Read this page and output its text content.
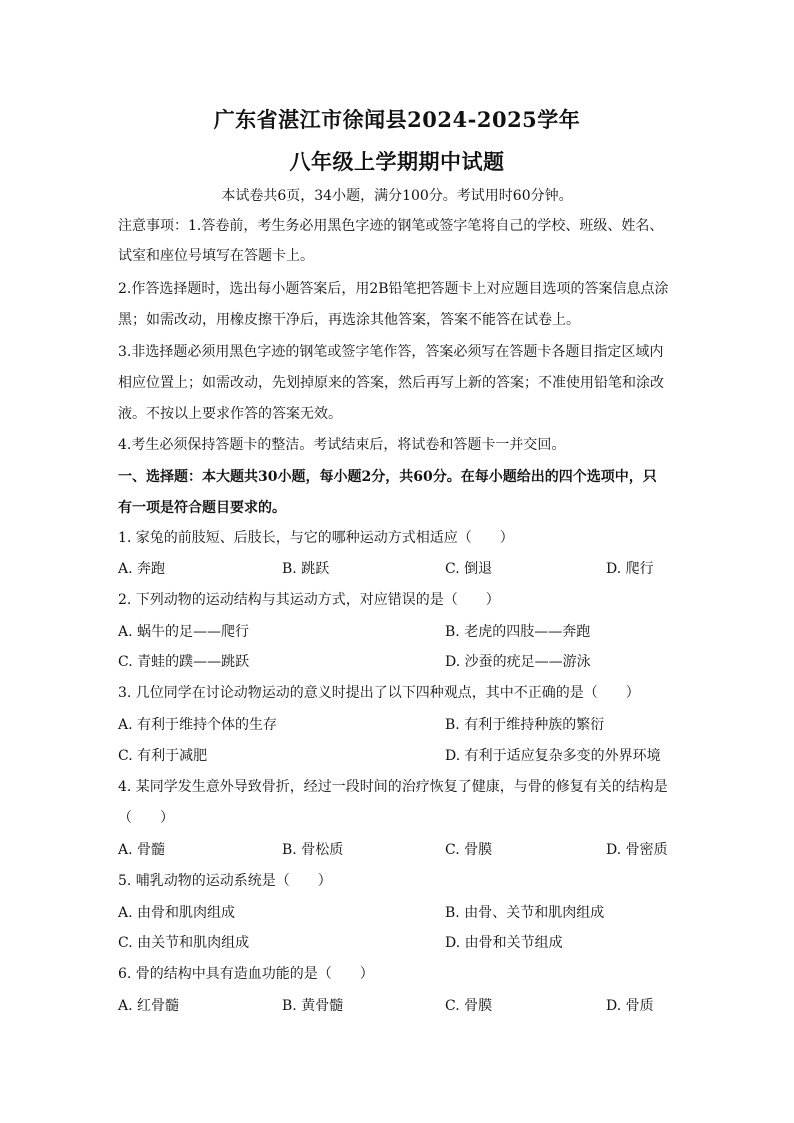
广东省湛江市徐闻县2024-2025学年
八年级上学期期中试题
本试卷共6页，34小题，满分100分。考试用时60分钟。
注意事项：1.答卷前，考生务必用黑色字迹的钢笔或签字笔将自己的学校、班级、姓名、
试室和座位号填写在答题卡上。
2.作答选择题时，选出每小题答案后，用2B铅笔把答题卡上对应题目选项的答案信息点涂
黑；如需改动，用橡皮擦干净后，再选涂其他答案，答案不能答在试卷上。
3.非选择题必须用黑色字迹的钢笔或签字笔作答，答案必须写在答题卡各题目指定区域内
相应位置上；如需改动，先划掉原来的答案，然后再写上新的答案；不准使用铅笔和涂改
液。不按以上要求作答的答案无效。
4.考生必须保持答题卡的整洁。考试结束后，将试卷和答题卡一并交回。
一、选择题：本大题共30小题，每小题2分，共60分。在每小题给出的四个选项中，只
有一项是符合题目要求的。
1. 家兔的前肢短、后肢长，与它的哪种运动方式相适应（　　）
A. 奔跑	B. 跳跃	C. 倒退	D. 爬行
2. 下列动物的运动结构与其运动方式，对应错误的是（　　）
A. 蜗牛的足——爬行	B. 老虎的四肢——奔跑
C. 青蛙的蹼——跳跃	D. 沙蚕的疣足——游泳
3. 几位同学在讨论动物运动的意义时提出了以下四种观点，其中不正确的是（　　）
A. 有利于维持个体的生存	B. 有利于维持种族的繁衍
C. 有利于减肥	D. 有利于适应复杂多变的外界环境
4. 某同学发生意外导致骨折，经过一段时间的治疗恢复了健康，与骨的修复有关的结构是
（　　）
A. 骨髓	B. 骨松质	C. 骨膜	D. 骨密质
5. 哺乳动物的运动系统是（　　）
A. 由骨和肌肉组成	B. 由骨、关节和肌肉组成
C. 由关节和肌肉组成	D. 由骨和关节组成
6. 骨的结构中具有造血功能的是（　　）
A. 红骨髓	B. 黄骨髓	C. 骨膜	D. 骨质
